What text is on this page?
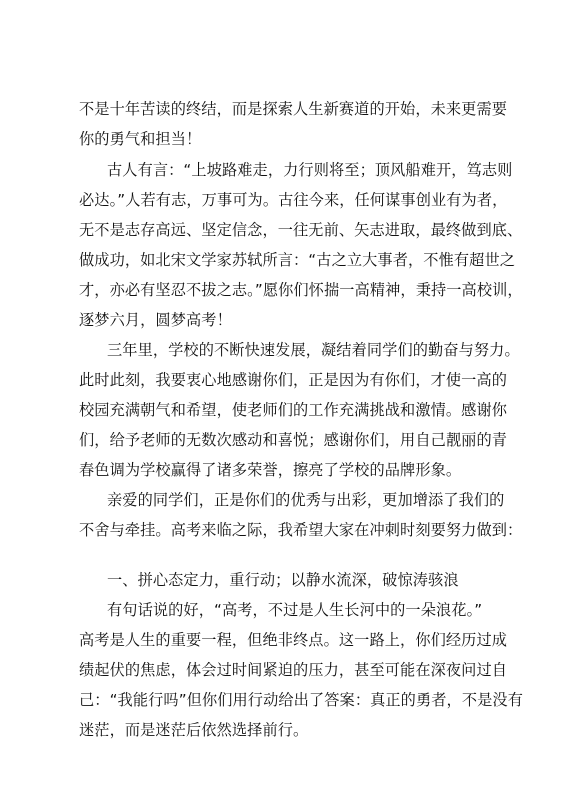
不是十年苦读的终结，而是探索人生新赛道的开始，未来更需要
你的勇气和担当！
古人有言：“上坡路难走，力行则将至；顶风船难开，笃志则
必达。”人若有志，万事可为。古往今来，任何谋事创业有为者，
无不是志存高远、坚定信念，一往无前、矢志进取，最终做到底、
做成功，如北宋文学家苏轼所言：“古之立大事者，不惟有超世之
才，亦必有坚忍不拔之志。”愿你们怀揣一高精神，秉持一高校训，
逐梦六月，圆梦高考！
三年里，学校的不断快速发展，凝结着同学们的勤奋与努力。
此时此刻，我要衷心地感谢你们，正是因为有你们，才使一高的
校园充满朝气和希望，使老师们的工作充满挑战和激情。感谢你
们，给予老师的无数次感动和喜悦；感谢你们，用自己靓丽的青
春色调为学校赢得了诸多荣誉，擦亮了学校的品牌形象。
亲爱的同学们，正是你们的优秀与出彩，更加增添了我们的
不舍与牵挂。高考来临之际，我希望大家在冲刺时刻要努力做到：
一、拼心态定力，重行动；以静水流深，破惊涛骇浪
有句话说的好，“高考，不过是人生长河中的一朵浪花。”
高考是人生的重要一程，但绝非终点。这一路上，你们经历过成
绩起伏的焦虑，体会过时间紧迫的压力，甚至可能在深夜问过自
己：“我能行吗”但你们用行动给出了答案：真正的勇者，不是没有
迷茫，而是迷茫后依然选择前行。
